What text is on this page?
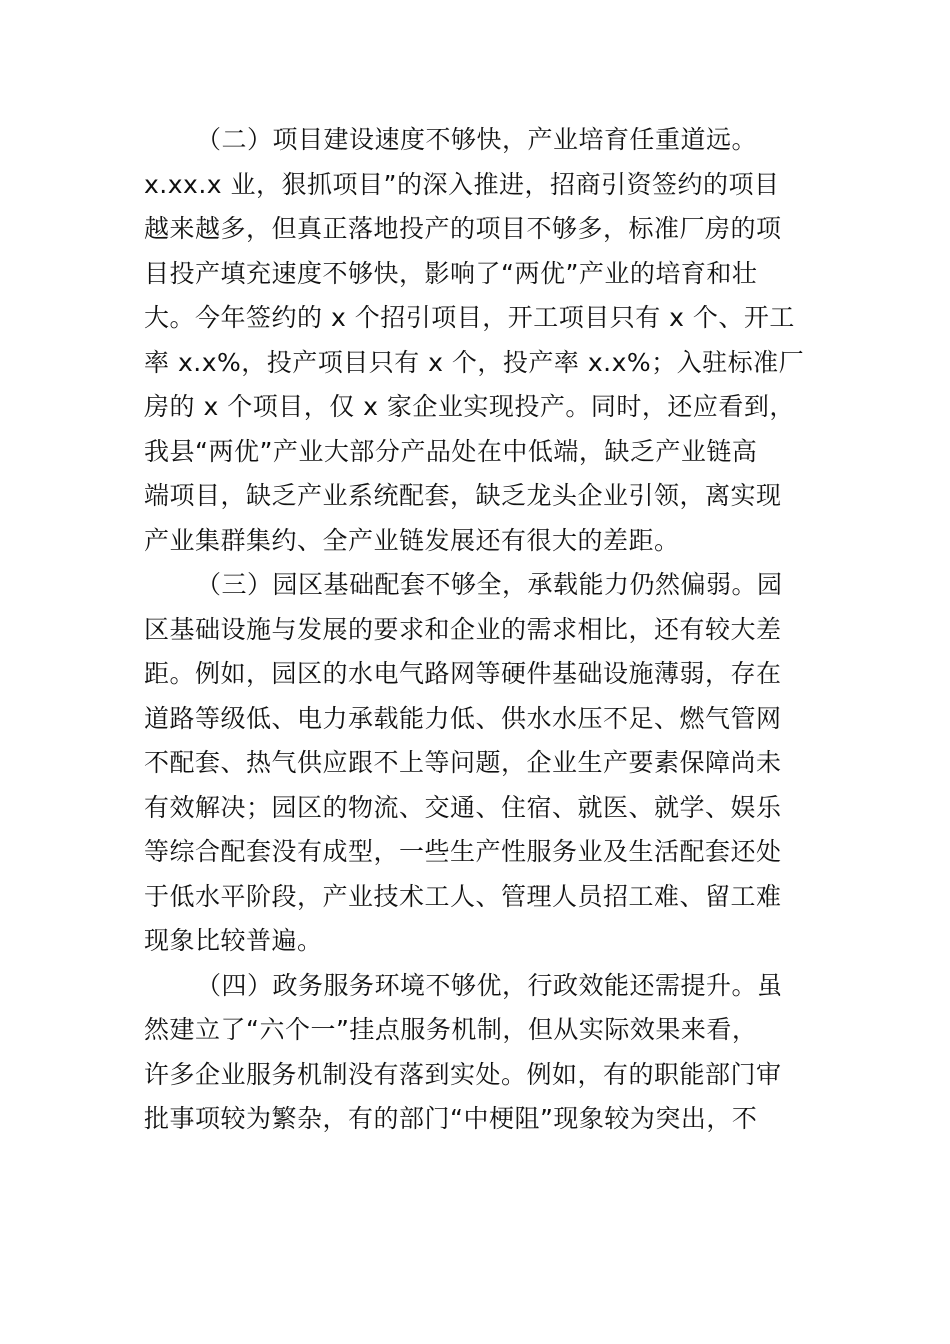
（二）项目建设速度不够快，产业培育任重道远。
x.xx.x 业，狠抓项目”的深入推进，招商引资签约的项目
越来越多，但真正落地投产的项目不够多，标准厂房的项
目投产填充速度不够快，影响了“两优”产业的培育和壮
大。今年签约的 x 个招引项目，开工项目只有 x 个、开工
率 x.x%，投产项目只有 x 个，投产率 x.x%；入驻标准厂
房的 x 个项目，仅 x 家企业实现投产。同时，还应看到，
我县“两优”产业大部分产品处在中低端，缺乏产业链高
端项目，缺乏产业系统配套，缺乏龙头企业引领，离实现
产业集群集约、全产业链发展还有很大的差距。
（三）园区基础配套不够全，承载能力仍然偏弱。园
区基础设施与发展的要求和企业的需求相比，还有较大差
距。例如，园区的水电气路网等硬件基础设施薄弱，存在
道路等级低、电力承载能力低、供水水压不足、燃气管网
不配套、热气供应跟不上等问题，企业生产要素保障尚未
有效解决；园区的物流、交通、住宿、就医、就学、娱乐
等综合配套没有成型，一些生产性服务业及生活配套还处
于低水平阶段，产业技术工人、管理人员招工难、留工难
现象比较普遍。
（四）政务服务环境不够优，行政效能还需提升。虽
然建立了“六个一”挂点服务机制，但从实际效果来看，
许多企业服务机制没有落到实处。例如，有的职能部门审
批事项较为繁杂，有的部门“中梗阻”现象较为突出，不
